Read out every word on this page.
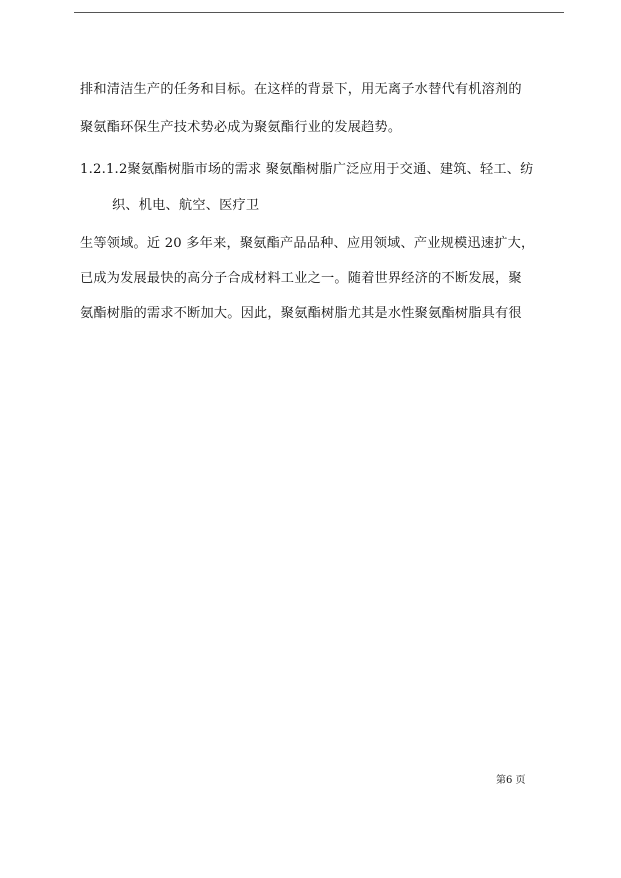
排和清洁生产的任务和目标。在这样的背景下，用无离子水替代有机溶剂的
聚氨酯环保生产技术势必成为聚氨酯行业的发展趋势。
1.2.1.2聚氨酯树脂市场的需求 聚氨酯树脂广泛应用于交通、建筑、轻工、纺
织、机电、航空、医疗卫
生等领域。近 20 多年来，聚氨酯产品品种、应用领域、产业规模迅速扩大，
已成为发展最快的高分子合成材料工业之一。随着世界经济的不断发展，聚
氨酯树脂的需求不断加大。因此，聚氨酯树脂尤其是水性聚氨酯树脂具有很
第6 页
